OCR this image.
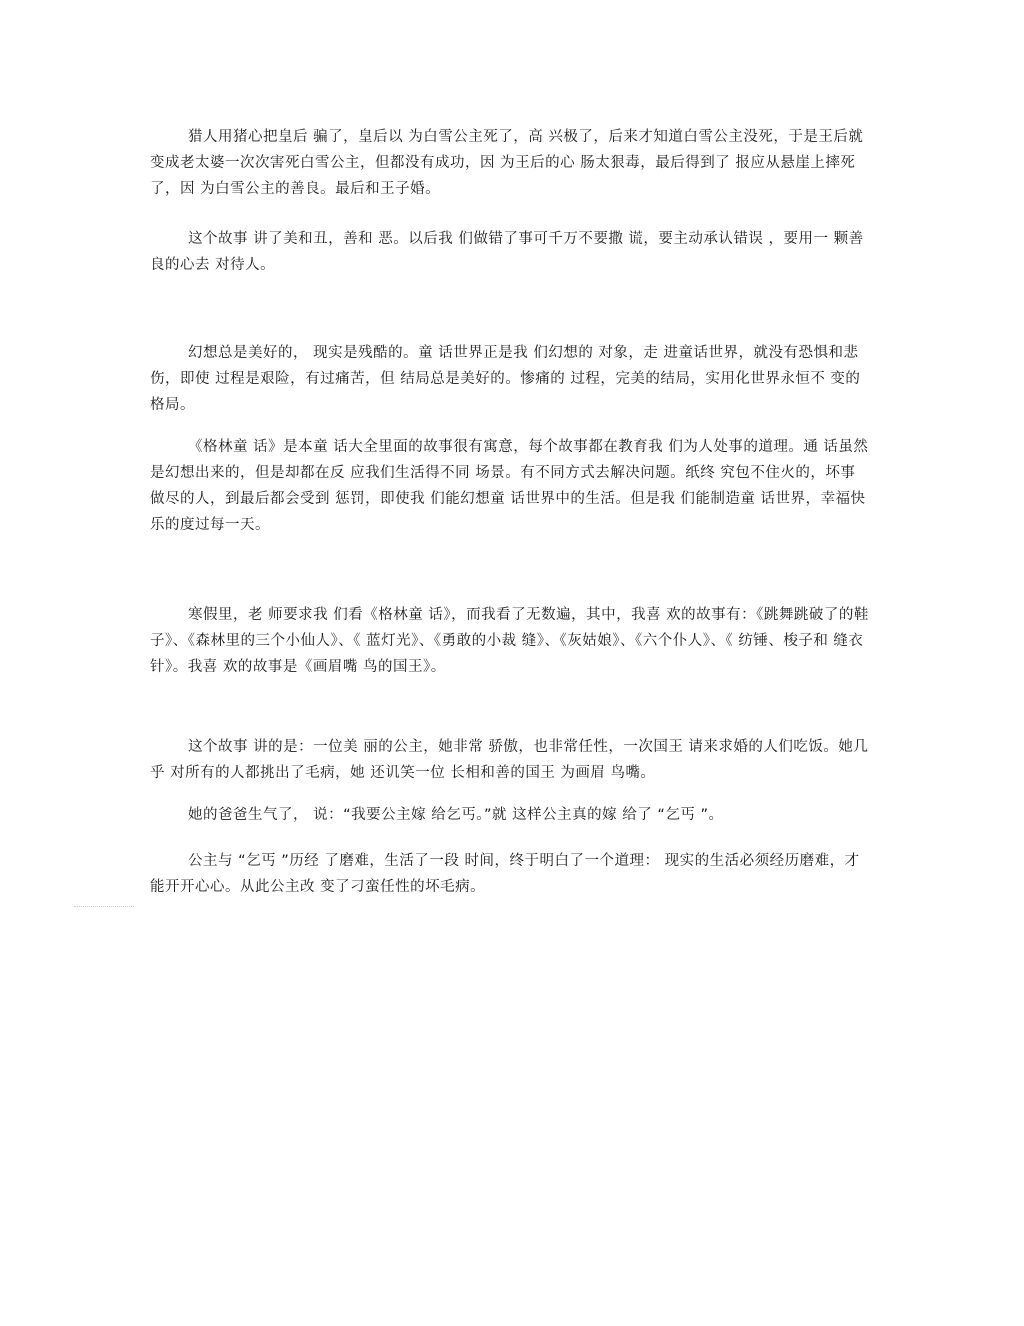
猎人用猪心把皇后 骗了，皇后以 为白雪公主死了，高 兴极了，后来才知道白雪公主没死，于是王后就 变成老太婆一次次害死白雪公主，但都没有成功，因 为王后的心 肠太狠毒，最后得到了 报应从悬崖上摔死了，因 为白雪公主的善良。最后和王子婚。

这个故事 讲了美和丑，善和 恶。以后我 们做错了事可千万不要撒 谎，要主动承认错误 ，要用一 颗善良的心去 对待人。

幻想总是美好的， 现实是残酷的。童 话世界正是我 们幻想的 对象，走 进童话世界，就没有恐惧和悲 伤，即使 过程是艰险，有过痛苦，但 结局总是美好的。惨痛的 过程，完美的结局，实用化世界永恒不 变的格局。

《格林童 话》是本童 话大全里面的故事很有寓意，每个故事都在教育我 们为人处事的道理。通 话虽然是幻想出来的，但是却都在反 应我们生活得不同 场景。有不同方式去解决问题。纸终 究包不住火的，坏事做尽的人，到最后都会受到 惩罚，即使我 们能幻想童 话世界中的生活。但是我 们能制造童 话世界，幸福快 乐的度过每一天。

寒假里，老 师要求我 们看《格林童 话》，而我看了无数遍，其中，我喜 欢的故事有：《跳舞跳破了的鞋子》、《森林里的三个小仙人》、《 蓝灯光》、《勇敢的小裁 缝》、《灰姑娘》、《六个仆人》、《 纺锤、梭子和 缝衣针》。我喜 欢的故事是《画眉嘴 鸟的国王》。

这个故事 讲的是：一位美 丽的公主，她非常 骄傲，也非常任性，一次国王 请来求婚的人们吃饭。她几乎 对所有的人都挑出了毛病，她 还讥笑一位 长相和善的国王 为画眉 鸟嘴。

她的爸爸生气了， 说：“我要公主嫁 给乞丐。”就 这样公主真的嫁 给了 “乞丐 ”。

公主与 “乞丐 ”历经 了磨难，生活了一段 时间，终于明白了一个道理： 现实的生活必须经历磨难，才能开开心心。从此公主改 变了刁蛮任性的坏毛病。
